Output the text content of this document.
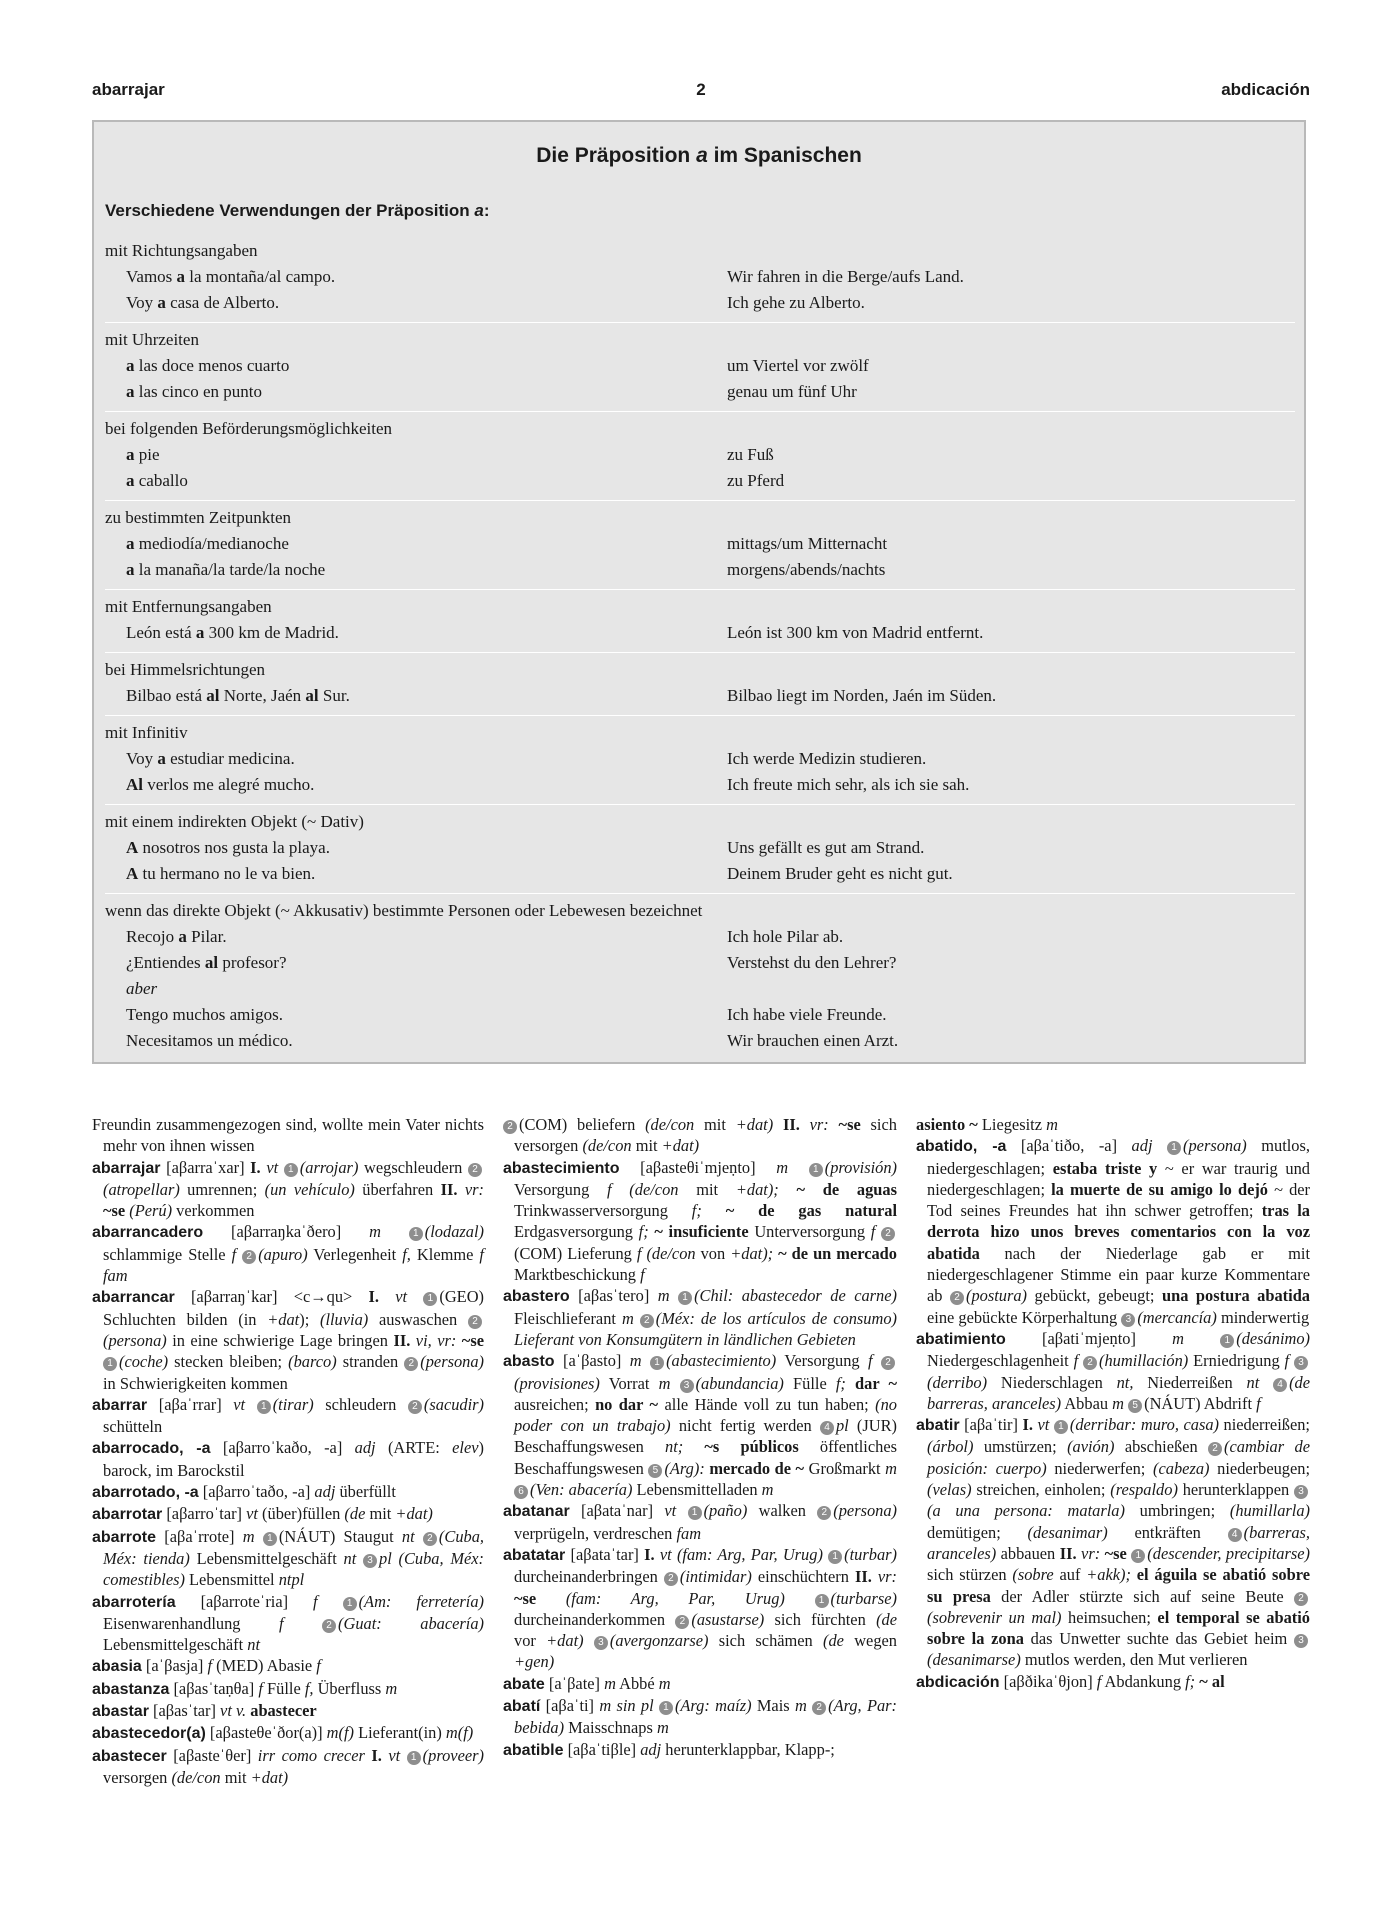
abarrajar	2	abdicación
Die Präposition a im Spanischen
Verschiedene Verwendungen der Präposition a:
mit Richtungsangaben
Vamos a la montaña/al campo.	Wir fahren in die Berge/aufs Land.
Voy a casa de Alberto.	Ich gehe zu Alberto.
mit Uhrzeiten
a las doce menos cuarto	um Viertel vor zwölf
a las cinco en punto	genau um fünf Uhr
bei folgenden Beförderungsmöglichkeiten
a pie	zu Fuß
a caballo	zu Pferd
zu bestimmten Zeitpunkten
a mediodía/medianoche	mittags/um Mitternacht
a la manaña/la tarde/la noche	morgens/abends/nachts
mit Entfernungsangaben
León está a 300 km de Madrid.	León ist 300 km von Madrid entfernt.
bei Himmelsrichtungen
Bilbao está al Norte, Jaén al Sur.	Bilbao liegt im Norden, Jaén im Süden.
mit Infinitiv
Voy a estudiar medicina.	Ich werde Medizin studieren.
Al verlos me alegré mucho.	Ich freute mich sehr, als ich sie sah.
mit einem indirekten Objekt (~ Dativ)
A nosotros nos gusta la playa.	Uns gefällt es gut am Strand.
A tu hermano no le va bien.	Deinem Bruder geht es nicht gut.
wenn das direkte Objekt (~ Akkusativ) bestimmte Personen oder Lebewesen bezeichnet
Recojo a Pilar.	Ich hole Pilar ab.
¿Entiendes al profesor?	Verstehst du den Lehrer?
aber
Tengo muchos amigos.	Ich habe viele Freunde.
Necesitamos un médico.	Wir brauchen einen Arzt.

Freundin zusammengezogen sind, wollte mein Vater nichts mehr von ihnen wissen

abarrajar [aβarraˈxar] I. vt 1 (arrojar) wegschleudern 2(atropellar) umrennen; (un vehículo) überfahren II. vr: ~se (Perú) verkommen

abarrancadero [aβarraŋkaˈðero] m	1 (lodazal) schlammige Stelle f 2 (apuro) Verlegenheit f, Klemme f fam

abarrancar [aβarraŋˈkar] <c→qu> I. vt 1 (GEO) Schluchten bilden (in +dat); (lluvia) auswaschen 2(persona) in eine schwierige Lage bringen II. vi, vr: ~se 1 (coche) stecken bleiben; (barco) stranden 2 (persona) in Schwierigkeiten kommen

abarrar [aβaˈrrar] vt 1 (tirar) schleudern 2 (sacudir) schütteln

abarrocado, -a [aβarroˈkaðo, -a] adj (ARTE: elev) barock, im Barockstil

abarrotado, -a [aβarroˈtaðo, -a] adj überfüllt

abarrotar [aβarroˈtar] vt (über)füllen (de mit +dat)

abarrote [aβaˈrrote] m 1 (NÁUT) Staugut nt 2 (Cuba, Méx: tienda) Lebensmittelgeschäft nt 3 pl (Cuba, Méx: comestibles) Lebensmittel ntpl

abarrotería [aβarroteˈria] f	1 (Am: ferretería) Eisenwarenhandlung f	2 (Guat: abacería) Lebensmittelgeschäft nt

abasia [aˈβasja] f (MED) Abasie f

abastanza [aβasˈtaṇθa] f Fülle f, Überfluss m

abastar [aβasˈtar] vt v. abastecer

abastecedor(a) [aβasteθeˈðor(a)] m(f) Lieferant(in) m(f)

abastecer [aβasteˈθer] irr como crecer I. vt 1 (proveer) versorgen (de/con mit +dat)

2 (COM) beliefern (de/con mit +dat) II. vr: ~se sich versorgen (de/con mit +dat)

abastecimiento [aβasteθiˈmjeṇto] m 1 (provisión) Versorgung f (de/con mit +dat); ~ de aguas Trinkwasserversorgung f; ~ de gas natural Erdgasversorgung f; ~ insuficiente Unterversorgung f 2(COM) Lieferung f (de/con von +dat); ~ de un mercado Marktbeschickung f

abastero [aβasˈtero] m 1 (Chil: abastecedor de carne) Fleischlieferant m 2 (Méx: de los artículos de consumo) Lieferant von Konsumgütern in ländlichen Gebieten

abasto [aˈβasto] m 1 (abastecimiento) Versorgung f 2(provisiones) Vorrat m 3 (abundancia) Fülle f; dar ~ ausreichen; no dar ~ alle Hände voll zu tun haben; (no poder con un trabajo) nicht fertig werden 4 pl (JUR) Beschaffungswesen nt; ~s públicos öffentliches Beschaffungswesen 5 (Arg): mercado de ~ Großmarkt m 6 (Ven: abacería) Lebensmittelladen m

abatanar [aβataˈnar] vt 1 (paño) walken 2 (persona) verprügeln, verdreschen fam

abatatar [aβataˈtar] I. vt (fam: Arg, Par, Urug) 1 (turbar) durcheinanderbringen 2 (intimidar) einschüchtern II. vr: ~se (fam: Arg, Par, Urug)	1 (turbarse) durcheinanderkommen 2 (asustarse) sich fürchten (de vor +dat) 3 (avergonzarse) sich schämen (de wegen +gen)

abate [aˈβate] m Abbé m

abatí [aβaˈti] m sin pl 1 (Arg: maíz) Mais m 2 (Arg, Par: bebida) Maisschnaps m

abatible [aβaˈtiβle] adj herunterklappbar, Klapp-;

asiento ~ Liegesitz m

abatido, -a [aβaˈtiðo, -a] adj 1 (persona) mutlos, niedergeschlagen; estaba triste y ~ er war traurig und niedergeschlagen; la muerte de su amigo lo dejó ~ der Tod seines Freundes hat ihn schwer getroffen; tras la derrota hizo unos breves comentarios con la voz abatida nach der Niederlage gab er mit niedergeschlagener Stimme ein paar kurze Kommentare ab 2 (postura) gebückt, gebeugt; una postura abatida eine gebückte Körperhaltung 3 (mercancía) minderwertig

abatimiento [aβatiˈmjeṇto] m	1 (desánimo) Niedergeschlagenheit f 2 (humillación) Erniedrigung f 3(derribo) Niederschlagen nt, Niederreißen nt 4 (de barreras, aranceles) Abbau m 5 (NÁUT) Abdrift f

abatir [aβaˈtir] I. vt 1 (derribar: muro, casa) niederreißen; (árbol) umstürzen; (avión) abschießen 2 (cambiar de posición: cuerpo) niederwerfen; (cabeza) niederbeugen; (velas) streichen, einholen; (respaldo) herunterklappen 3(a una persona: matarla) umbringen; (humillarla) demütigen; (desanimar) entkräften 4 (barreras, aranceles) abbauen II. vr: ~se 1 (descender, precipitarse) sich stürzen (sobre auf +akk); el águila se abatió sobre su presa der Adler stürzte sich auf seine Beute 2(sobrevenir un mal) heimsuchen; el temporal se abatió sobre la zona das Unwetter suchte das Gebiet heim 3(desanimarse) mutlos werden, den Mut verlieren

abdicación [aβðikaˈθjon] f Abdankung f; ~ al
